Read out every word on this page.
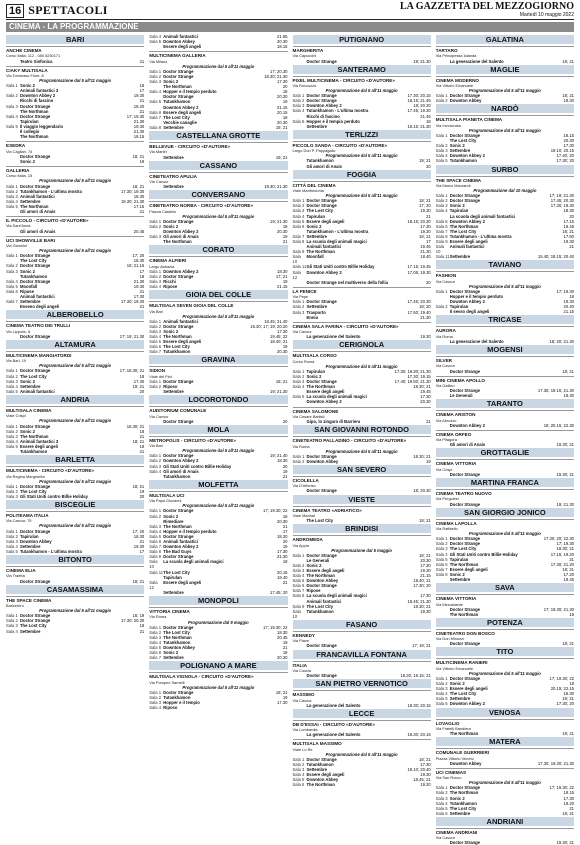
16 SPETTACOLI	LA GAZZETTA DEL MEZZOGIORNO
Martedì 10 maggio 2022
CINEMA - LA PROGRAMMAZIONE
BARI
ANCHE CINEMA
Corso Italia, 112 - 080.5230171
Teatro Sinfonica	21
CIAKY MULTISALA
Via Tommaso Fiore, 8
Programmazione dal 5 all'11 maggio
Sala 1 Sonic 2	18
Animali fantastici 3	17
Sala 2 Downton Abbey 2	19.30
Ricchi di fascino	21
Sala 3 Doctor Strange	18.20
The Northman	21
Sala 4 Doctor Strange	17; 19.30
Tapirulan	21.30
Sala 5 Il viaggio leggendario	19.30
Il collegio	21.30
The Northman	18.15
ESEDRA
Via Cagliari, 74
Doctor Strange	18; 21
Sonic 2	19
GALLERIA
Corso Italia, 15
Programmazione dal 5 all'11 maggio
Sala 1 Doctor Strange	18; 21
Sala 2 Tutankhamon - L'ultima mostra	17.30; 19.30
Sala 3 Animali fantastici	18.30
Sala 4 Settembre	19.30; 21.30
Sala 5 The Northman	17.15
Gli amori di Anais	21
IL PICCOLO - CIRCUITO «D'AUTORE»
Via Sant'Anna
Gli amori di Anais	20.45
UCI SHOWVILLE BARI
Via Giannini
Programmazione dal 5 all'11 maggio
Sala 1 Doctor Strange	17; 20
The Lost City	18.30
Sala 2 Doctor Strange	18; 21.15
Sala 3 Sonic 2	17
Tutankhamon	19
Sala 4 Doctor Strange	21.30
Sala 5 Moonfall	19.30
Sala 6 Ripose	21
Animali fantastici	17.30
Sala 7 Settembre	17.30; 19.30
Esseno degli angeli	21
ALBEROBELLO
CINEMA TEATRO DEI TRULLI
Via Lippolis, 8
Doctor Strange	17; 19; 21.30
ALTAMURA
MULTICINEMA MANGIATORDI
Via Bari, 19
Programmazione dal 5 all'11 maggio
Sala 1 Doctor Strange	17; 18.30; 21
Sala 2 The Lost City	18
Sala 3 Sonic 2	17.30
Sala 4 Settembre	19; 21
Sala 5 Animali fantastici	20
ANDRIA
MULTISALA CINEMA
Viale Crispi
Programmazione dal 5 all'11 maggio
Sala 1 Doctor Strange	18.30; 21
Sala 2 Sonic 2	18
Sala 3 The Northman	21
Sala 4 Animali fantastici 3	18; 21
Sala 5 Essere degli angeli	19
Tutankhamon	21
BARLETTA
MULTICINEMA - CIRCUITO «D'AUTORE»
Via Regina Margherita
Programmazione dal 5 all'11 maggio
Sala 1 Doctor Strange	18; 21
Sala 2 The Lost City	19
Sala 3 Gli Stati Uniti contro Billie Holiday	20
BISCEGLIE
POLITEAMA ITALIA
Via Cavour, 75
Programmazione dal 5 all'11 maggio
Sala 1 Doctor Strange	17; 20
Sala 2 Tapirulan	18.30
Sala 3 Downton Abbey	21
Sala 4 Settembre	19.30
Sala 5 Tutankhamon - L'ultima mostra	17
BITONTO
CINEMA ELIA
Via Traetta
Doctor Strange	18; 21
CASAMASSIMA
THE SPACE CINEMA
Baricentro
Programmazione dal 5 all'11 maggio
Sala 1 Doctor Strange	16; 19
Sala 2 Doctor Strange	17.30; 20.30
Sala 3 The Lost City	18
Sala 4 Settembre	21
Sala 4 Animali fantastici	21.55
Sala 5 Downton Abbey	20.30
Essere degli angeli	18.15
MULTICINEMA GALLERIA
Via Milano
Programmazione dal 5 all'11 maggio
Sala 1 Doctor Strange	17; 20.30
Sala 2 Doctor Strange	18.30; 21.30
Sala 3 Sonic 2	17.30
The Northman	20
Sala 4 Hopper e il tempio perduto	18
Doctor Strange	20.30
Sala 5 Tutankhamon	19
Downton Abbey 2	21.15
Sala 6 Essere degli angeli	20.15
Sala 7 The Lost City	18
Vecchie canaglie	20.30
Sala 8 Settembre	19; 21
CASTELLANA GROTTE
BELLEVUE - CIRCUITO «D'AUTORE»
Via Martiri
Settembre	19; 21
CASSANO
CINETEATRO APULIA
Via Cavour
Settembre	19.30; 21.30
CONVERSANO
CINETEATRO NORBA - CIRCUITO «D'AUTORE»
Piazza Castello
Programmazione dal 5 all'11 maggio
Sala 1 Doctor Strange	19; 21.30
Sala 2 Sonic 2	18
Downton Abbey 2	20.30
Sala 3 Gli amori di Anais	19
The Northman	21
CORATO
CINEMA ALFIERI
Largo Abbazia
Sala 1 Downton Abbey 2	18.30
Sala 2 Doctor Strange	17; 21
Sala 3 Ricchi	19
Sala 4 Ripose	21.15
GIOIA DEL COLLE
MULTISALA SEVEN GIOIA DEL COLLE
Via Bari
Programmazione dal 5 all'11 maggio
Sala 1 Animali fantastici	18.45; 21.40
Sala 2 Doctor Strange	16.30; 17; 19; 20.20
Sala 3 Sonic 2	17.30
Sala 4 The Northman	19.45; 22
Sala 5 Essere degli angeli	18.40; 21
Sala 6 The Lost City	19
Sala 7 Tutankhamon	20.30
GRAVINA
SIDION
Viale dei Pini
Sala 1 Doctor Strange	18; 21
Sala 2 Riposo
Settembre	19; 21.30
LOCOROTONDO
AUDITORIUM COMUNALE
Via Cavour
Doctor Strange	20
MOLA
METROPOLIS - CIRCUITO «D'AUTORE»
Via Bari
Programmazione dal 5 all'11 maggio
Sala 1 Doctor Strange	19; 21.40
Sala 2 Downton Abbey 2	18.30
Sala 3 Gli Stati Uniti contro Billie Holiday	20
Sala 4 Gli amori di Anais	19
Tutankhamon	21
MOLFETTA
MULTISALA UCI
Via Papa Giovanni
Programmazione dal 5 all'11 maggio
Sala 1 Doctor Strange	17; 19.30; 22
Sala 2 Sonic 2	18
Rimediare	20.30
Sala 3 The Northman	21
Sala 4 Hopper e il tempio perduto	17
Sala 5 Doctor Strange	18.30
Sala 6 Animali fantastici	20
Sala 7 Downton Abbey 2	19
Sala 8 The Bad Guys	17.30
Sala 9 Doctor Strange	21.30
Sala 10
La scuola degli animali magici	18
Sala 11 The Lost City	20.15
Tapirulan	19.40
Sala 12
Essere degli angeli	21
Settembre	17.45; 20
MONOPOLI
VITTORIA CINEMA
Via Roma
Programmazione dal 9 maggio
Sala 1 Doctor Strange	17; 19.30; 22
Sala 2 The Lost City	18.30
Sala 3 The Northman	20.45
Sala 4 Tutankhamon	19
Sala 5 Downton Abbey	21
Sala 6 Sonic 2	18
Sala 7 Settembre	20.30
POLIGNANO A MARE
MULTISALA VIGNOLA - CIRCUITO «D'AUTORE»
Via Pompeo Sarnelli
Programmazione dal 5 all'11 maggio
Sala 1 Doctor Strange	18; 21
Sala 2 Tutankhamon	19
Sala 3 Hopper e il tempio	17.30
Sala 4 Riposo
PUTIGNANO
MARGHERITA
Via Capuccini
Doctor Strange	19; 21.30
SANTERAMO
PIXEL MULTICINEMA - CIRCUITO «D'AUTORE»
Via Roccuzzo
Programmazione dal 5 all'11 maggio
Sala 1 Doctor Strange	17.30; 20.15
Sala 2 Doctor Strange	19.15; 21.45
Sala 3 Downton Abbey 2	18; 20.20
Sala 4 Tutankhamon - L'ultima mostra	17.45; 19.30
Ricchi di fascino	21.45
Sala 5 Hopper e il tempio perduto	18
Settembre	19.15; 21.30
TERLIZZI
PICCOLO SANDA - CIRCUITO «D'AUTORE»
Largo Don P. Pappagallo
Programmazione dal 5 all'11 maggio
Tutankhamon	19; 21
Gli amori di Anais	20
FOGGIA
CITTÀ DEL CINEMA
Viale Manfredonia
Programmazione dal 5 all'11 maggio
Sala 1 Doctor Strange	18; 21
Sala 2 Doctor Strange	17; 20
Sala 3 The Lost City	19.30
Sala 4 Tapirulan	21
Sala 5 Essere degli angeli	18.15; 20.30
Sala 6 Sonic 2	17.30
Tutankhamon - L'ultima mostra	19.30
Sala 7 Settembre	18; 21
Sala 8 La scuola degli animali magici	17
Animali fantastici	19.45
Sala 9 The Northman	21.30
Sala 10
Moonfall	18.40
Sala 11 Gli Stati Uniti contro Billie Holiday	17.15; 19.45
Sala 12
Downton Abbey 2	17.05; 19.30
Doctor Strange nel multiverso della follia	20
LA FENICE
Via Pepe
Sala 1 Doctor Strange	17.45; 20.30
Sala 2 Settembre	18; 20
Sala 3 Trasporto	17.50; 19.40
Ennio	21.30
CINEMA SALA FARINA - CIRCUITO «D'AUTORE»
Via Cavour
La generazione del Salento	19.30
CERIGNOLA
MULTISALA CORSO
Corso Roma
Programmazione dal 5 all'11 maggio
Sala 1 Tapirulan	17.30; 19.30; 21.30
Sala 2 Sonic 2	17.30; 19.15
Sala 3 Doctor Strange	17.40; 19.50; 21.30
Sala 4 The Northman	18.30; 21
Essere degli angeli	19.45
Sala 5 La scuola degli animali magici	17.30
Downton Abbey 2	20.30
CINEMA SALOMONE
Via Cesare Battisti
Gipo, lo zingaro di Barriera	21
SAN GIOVANNI ROTONDO
CINETEATRO PALLADINO - CIRCUITO «D'AUTORE»
Via Roma
Programmazione dal 5 all'11 maggio
Sala 1 Doctor Strange	18.30; 21
Sala 2 Downton Abbey	19
SAN SEVERO
CICOLELLA
Via D'Alfonso
Doctor Strange	18; 20.30
VIESTE
CINEMA TEATRO «ADRIATICO»
Viale Marinai
The Lost City	18; 21
BRINDISI
ANDROMEDA
Via Appia
Programmazione dal 5 maggio
Sala 1 Doctor Strange	18; 21
Le Generali	20.30
Sala 2 Sonic 2	17.30
Sala 3 Essere degli angeli	19.30
Sala 4 The Northman	21.15
Sala 5 Downton Abbey	18.40; 21
Sala 6 Doctor Strange	17.30; 20
Sala 7 Ripose
Sala 8 La scuola degli animali magici	17.30
Animali fantastici	18.45; 21.30
Sala 9 The Lost City	18.30; 21
Sala 10
Tutankhamon	19.30
FASANO
KENNEDY
Via Piave
Doctor Strange	17; 19; 21
FRANCAVILLA FONTANA
ITALIA
Via Coscia
Doctor Strange	18.30; 19.15; 21
SAN PIETRO VERNOTICO
MASSIMO
Via Cavour
La generazione del Salento	18.30; 20.15
LECCE
DB D'ESSAI - CIRCUITO «D'AUTORE»
Via Lombardia
La generazione del Salento	18.30; 20.15
MULTISALA MASSIMO
Viale Lo Re
Programmazione dal 5 all'11 maggio
Sala 1 Doctor Strange	18; 21
Sala 2 Tutankhamon	17.30
Sala 3 Settembre	18.10; 20.40
Sala 4 Essere degli angeli	19.30
Sala 5 Downton Abbey	18.45; 21
Sala 6 The Northman	19.20
GALATINA
TARTARO
Via Principessa Iolanda
La generazione del Salento	18; 21
MAGLIE
CINEMA MODERNO
Via Vittorio Emanuele
Programmazione dal 5 all'11 maggio
Sala 1 Doctor Strange	18; 21
Sala 2 Downton Abbey	19.30
NARDÒ
MULTISALA PIANETA CINEMA
Via Incoronata
Programmazione dal 5 all'11 maggio
Sala 1 Doctor Strange	18.15
The Lost City	20.30
Sala 2 Sonic 2	17.30
Sala 3 Settembre	19.10; 20.15
Sala 4 Downton Abbey 2	17.40; 20
Sala 5 Tutankhamon	17.30; 20
SURBO
THE SPACE CINEMA
Via Marco Maurandi
Programmazione dal 10 maggio
Sala 1 Doctor Strange	17; 19; 21.30
Sala 2 Doctor Strange	17.45; 20.30
Sala 3 Sonic 2	17.30; 19.30
Sala 4 Tapirulan	18.30
La scuola degli animali fantastici	20
Sala 5 Downton Abbey 2	17.15
Sala 6 The Northman	19.45
Sala 7 The Lost City	18; 21
Sala 8 Tutankhamon - L'ultima mostra	17.50
Sala 9 Essere degli angeli	19.30
Sala 10
Animali fantastici	21
Sala 11 Settembre	15.40; 18.15; 20.40
TAVIANO
FASHION
Via Cavour
Programmazione dal 5 all'11 maggio
Sala 1 Doctor Strange	17; 19.30
Hopper e il tempio perduto	18
Downton Abbey 2	19.30
Sala 2 Tapirulan	20.40
Il sesso degli angeli	21.15
TRICASE
AURORA
Via Roma
La generazione del Salento	18; 20; 21.30
MOGENSI
SILVER
Via Cavour
Doctor Strange	18; 21
MINI CINEMA APOLLO
Via Galileo
Doctor Strange	17.30; 19.15; 21.30
Le Generali	18.30
TARANTO
CINEMA ARISTON
Via Abruzzo
Downton Abbey 2	18; 20.15; 22.30
CINEMA ORFEO
Via Pitagora
Gli amori di Anais	18.30; 21
GROTTAGLIE
CINEMA VITTORIA
Via Crispi
Doctor Strange	18.30; 21
MARTINA FRANCA
CINEMA TEATRO NUOVO
Via Pergolesi
Doctor Strange	19; 21.30
SAN GIORGIO JONICO
CINEMA LAPOLLA
Via Raffaello
Programmazione dal 5 all'11 maggio
Sala 1 Doctor Strange	17.30; 20; 22.30
Sala 2 Doctor Strange	17; 19.30
Sala 3 The Lost City	18.30; 21
Sala 4 Gli Stati Uniti contro Billie Holiday	17.15; 19.20
Sala 5 Tapirulan	21
Sala 6 The Northman	17.30; 21.20
Sala 7 Essere degli angeli	18; 21
Sala 8 Sonic 2	17.20
Settembre	19.45
SAVA
CINEMA VITTORIA
Via Mercadante
Doctor Strange	17; 19.30; 21.30
The Northman	19
POTENZA
CINETEATRO DON BOSCO
Via Don Minozzi
Doctor Strange	18; 21
TITO
MULTICINEMA RANIERI
Via Vittorio Emanuele
Programmazione dal 5 all'11 maggio
Sala 1 Doctor Strange	17; 19.30; 22
Sala 2 Sonic 2	18
Sala 3 Essere degli angeli	20.15; 22.15
Sala 4 The Lost City	18.30
Sala 5 Settembre	19; 21
Sala 6 Downton Abbey 2	17.30; 20
VENOSA
LOVAGLIO
Via Fratelli Bandiera
The Northman	19; 21
MATERA
COMUNALE GUERRIERI
Piazza Vittorio Veneto
Downton Abbey	17.30; 19.30; 21.30
UCI CINEMAS
Via San Rocco
Programmazione dal 5 all'11 maggio
Sala 1 Doctor Strange	17; 19.30; 22
Sala 2 The Northman	18.15
Sala 3 Sonic 2	17.30
Sala 4 Tutankhamon	19.20
Sala 5 The Lost City	21
Sala 6 Settembre	18; 21
ANDRIANI
CINEMA ANDRIANI
Via Cavour
Doctor Strange	19.30; 21
